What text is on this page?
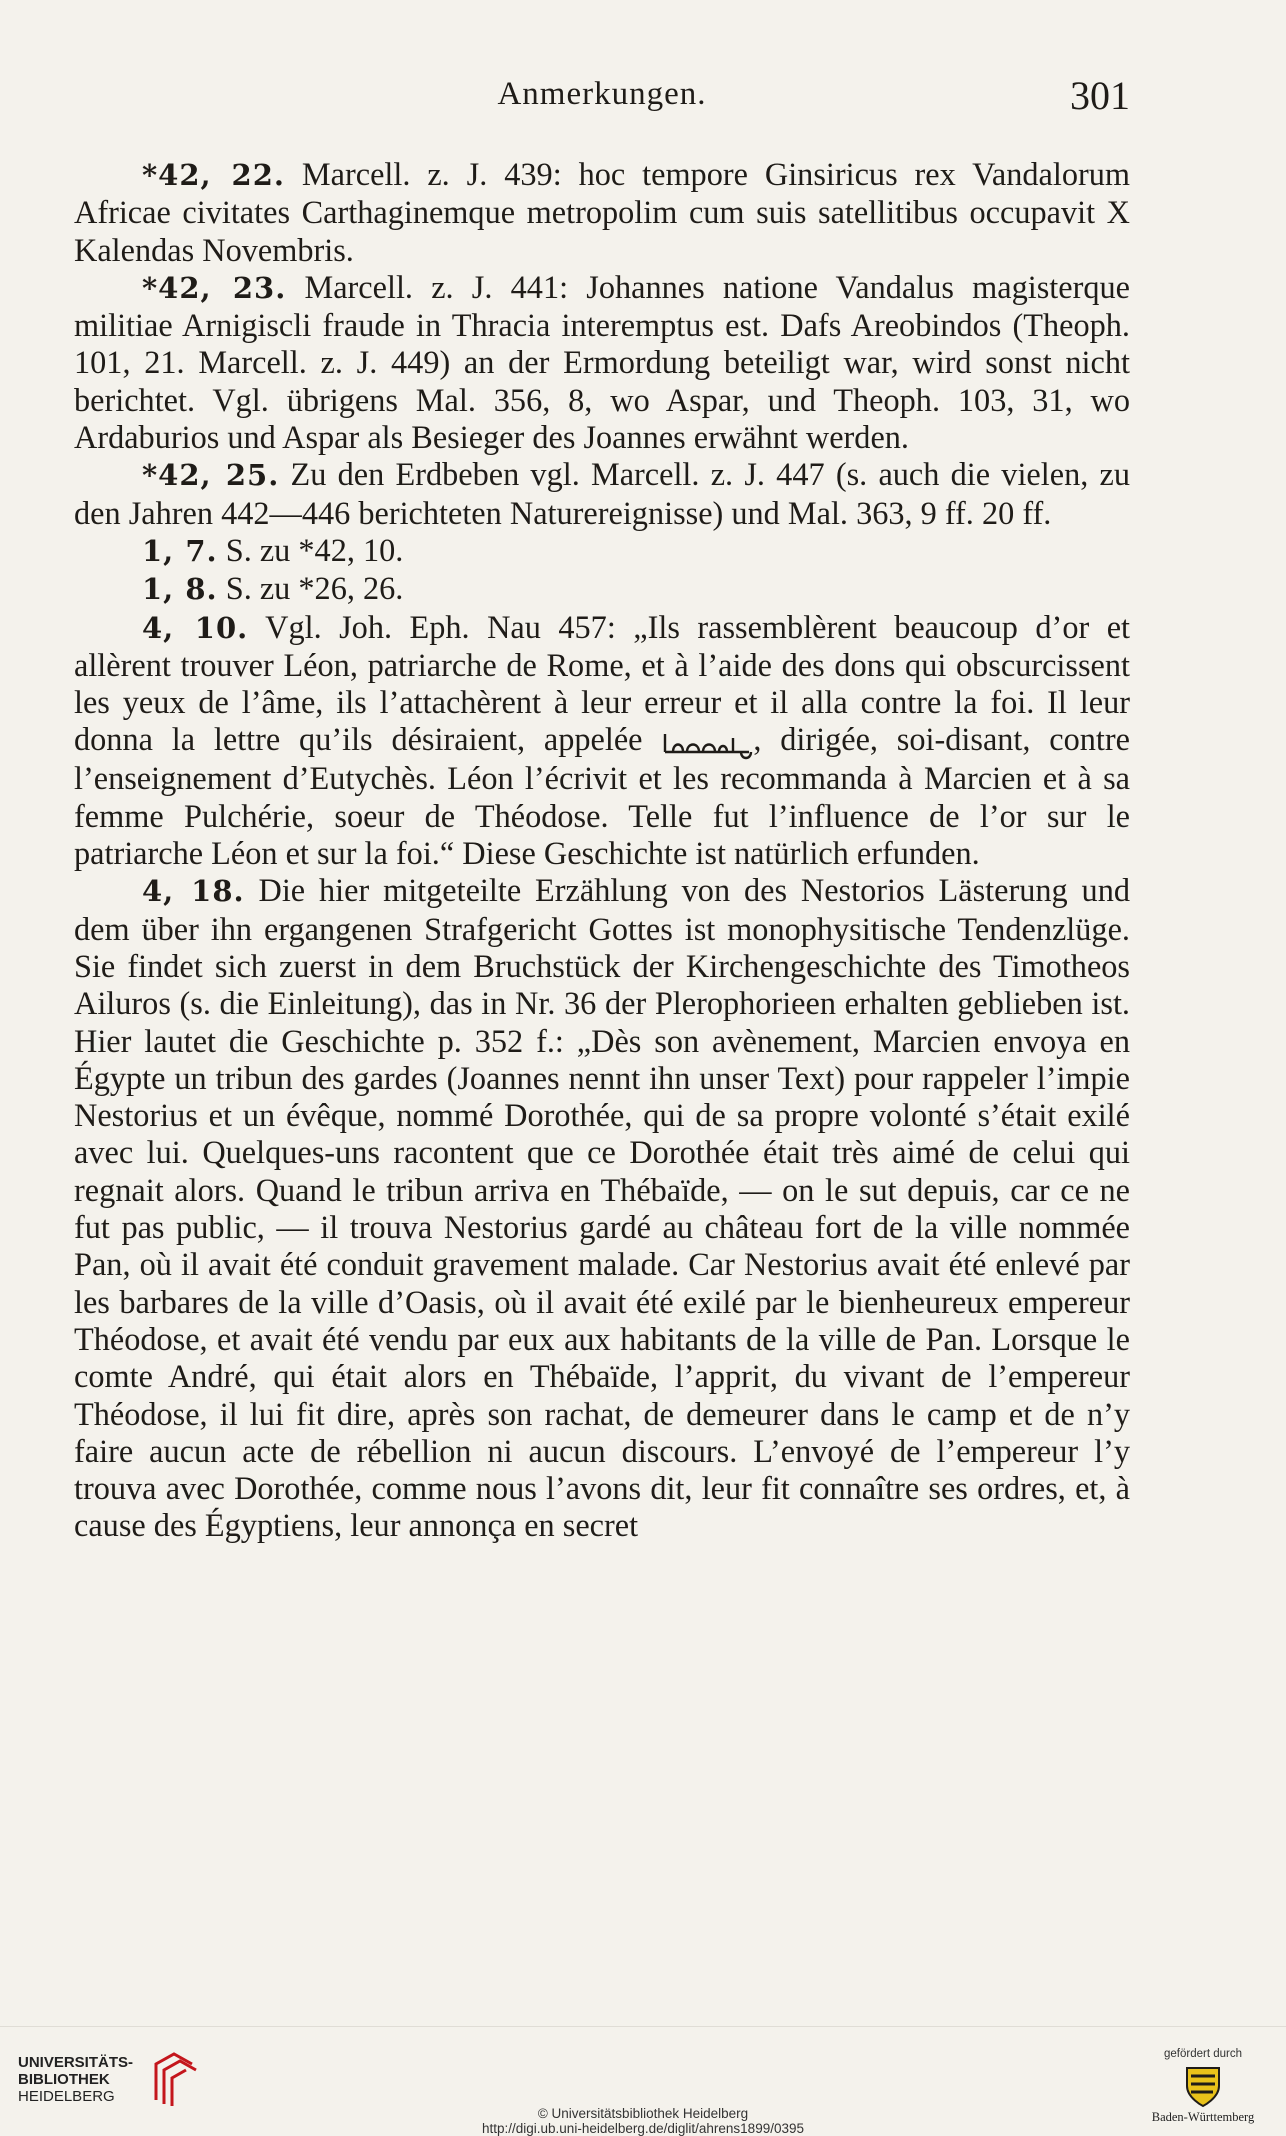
Anmerkungen.	301

*42, 22. Marcell. z. J. 439: hoc tempore Ginsiricus rex Vandalorum Africae civitates Carthaginemque metropolim cum suis satellitibus occupavit X Kalendas Novembris.

*42, 23. Marcell. z. J. 441: Johannes natione Vandalus magisterque militiae Arnigiscli fraude in Thracia interemptus est. Dafs Areobindos (Theoph. 101, 21. Marcell. z. J. 449) an der Ermordung beteiligt war, wird sonst nicht berichtet. Vgl. übrigens Mal. 356, 8, wo Aspar, und Theoph. 103, 31, wo Ardaburios und Aspar als Besieger des Joannes erwähnt werden.

*42, 25. Zu den Erdbeben vgl. Marcell. z. J. 447 (s. auch die vielen, zu den Jahren 442—446 berichteten Naturereignisse) und Mal. 363, 9 ff. 20 ff.

1, 7. S. zu *42, 10.

1, 8. S. zu *26, 26.

4, 10. Vgl. Joh. Eph. Nau 457: „Ils rassemblèrent beaucoup d’or et allèrent trouver Léon, patriarche de Rome, et à l’aide des dons qui obscurcissent les yeux de l’âme, ils l’attachèrent à leur erreur et il alla contre la foi. Il leur donna la lettre qu’ils désiraient, appelée	, dirigée, soi-disant, contre l’enseignement d’Eutychès. Léon l’écrivit et les recommanda à Marcien et à sa femme Pulchérie, soeur de Théodose. Telle fut l’influence de l’or sur le patriarche Léon et sur la foi.“ Diese Geschichte ist natürlich erfunden.

4, 18. Die hier mitgeteilte Erzählung von des Nestorios Lästerung und dem über ihn ergangenen Strafgericht Gottes ist monophysitische Tendenzlüge. Sie findet sich zuerst in dem Bruchstück der Kirchengeschichte des Timotheos Ailuros (s. die Einleitung), das in Nr. 36 der Plerophorieen erhalten geblieben ist. Hier lautet die Geschichte p. 352 f.: „Dès son avènement, Marcien envoya en Égypte un tribun des gardes (Joannes nennt ihn unser Text) pour rappeler l’impie Nestorius et un évêque, nommé Dorothée, qui de sa propre volonté s’était exilé avec lui. Quelques-uns racontent que ce Dorothée était très aimé de celui qui regnait alors. Quand le tribun arriva en Thébaïde, — on le sut depuis, car ce ne fut pas public, — il trouva Nestorius gardé au château fort de la ville nommée Pan, où il avait été conduit gravement malade. Car Nestorius avait été enlevé par les barbares de la ville d’Oasis, où il avait été exilé par le bienheureux empereur Théodose, et avait été vendu par eux aux habitants de la ville de Pan. Lorsque le comte André, qui était alors en Thébaïde, l’apprit, du vivant de l’empereur Théodose, il lui fit dire, après son rachat, de demeurer dans le camp et de n’y faire aucun acte de rébellion ni aucun discours. L’envoyé de l’empereur l’y trouva avec Dorothée, comme nous l’avons dit, leur fit connaître ses ordres, et, à cause des Égyptiens, leur annonça en secret

UNIVERSITÄTS-
BIBLIOTHEK
HEIDELBERG
© Universitätsbibliothek Heidelberg
http://digi.ub.uni-heidelberg.de/diglit/ahrens1899/0395
gefördert durch
Baden-Württemberg
